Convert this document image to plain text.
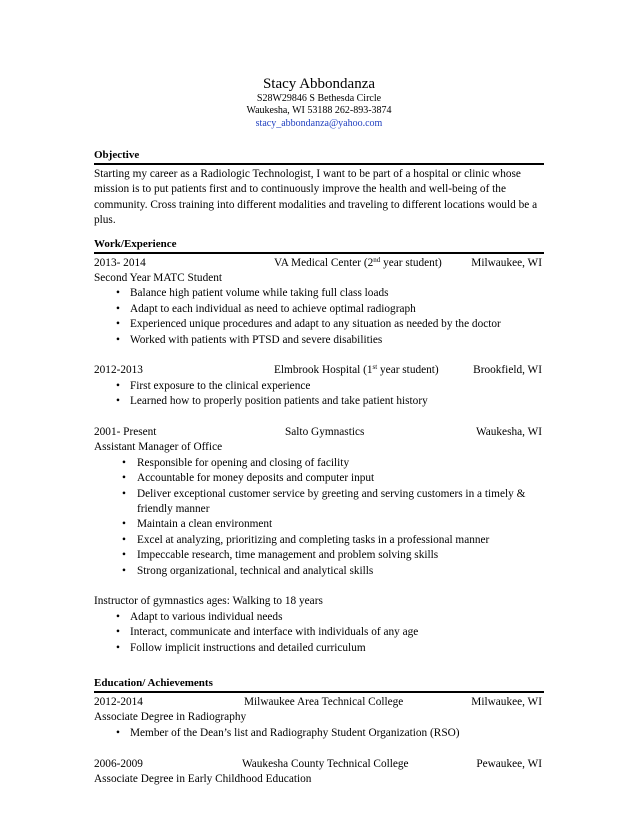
Stacy Abbondanza
S28W29846 S Bethesda Circle
Waukesha, WI 53188 262-893-3874
stacy_abbondanza@yahoo.com
Objective

Starting my career as a Radiologic Technologist, I want to be part of a hospital or clinic whose mission is to put patients first and to continuously improve the health and well-being of the community. Cross training into different modalities and traveling to different locations would be a plus.

Work/Experience
2013- 2014	VA Medical Center (2nd year student)	Milwaukee, WI
Second Year MATC Student
• Balance high patient volume while taking full class loads
• Adapt to each individual as need to achieve optimal radiograph
• Experienced unique procedures and adapt to any situation as needed by the doctor
• Worked with patients with PTSD and severe disabilities
2012-2013	Elmbrook Hospital (1st year student)	Brookfield, WI
• First exposure to the clinical experience
• Learned how to properly position patients and take patient history
2001- Present	Salto Gymnastics	Waukesha, WI
Assistant Manager of Office
• Responsible for opening and closing of facility
• Accountable for money deposits and computer input
• Deliver exceptional customer service by greeting and serving customers in a timely & friendly manner
• Maintain a clean environment
• Excel at analyzing, prioritizing and completing tasks in a professional manner
• Impeccable research, time management and problem solving skills
• Strong organizational, technical and analytical skills
Instructor of gymnastics ages: Walking to 18 years
• Adapt to various individual needs
• Interact, communicate and interface with individuals of any age
• Follow implicit instructions and detailed curriculum
Education/ Achievements
2012-2014	Milwaukee Area Technical College	Milwaukee, WI
Associate Degree in Radiography
• Member of the Dean’s list and Radiography Student Organization (RSO)
2006-2009	Waukesha County Technical College	Pewaukee, WI
Associate Degree in Early Childhood Education
